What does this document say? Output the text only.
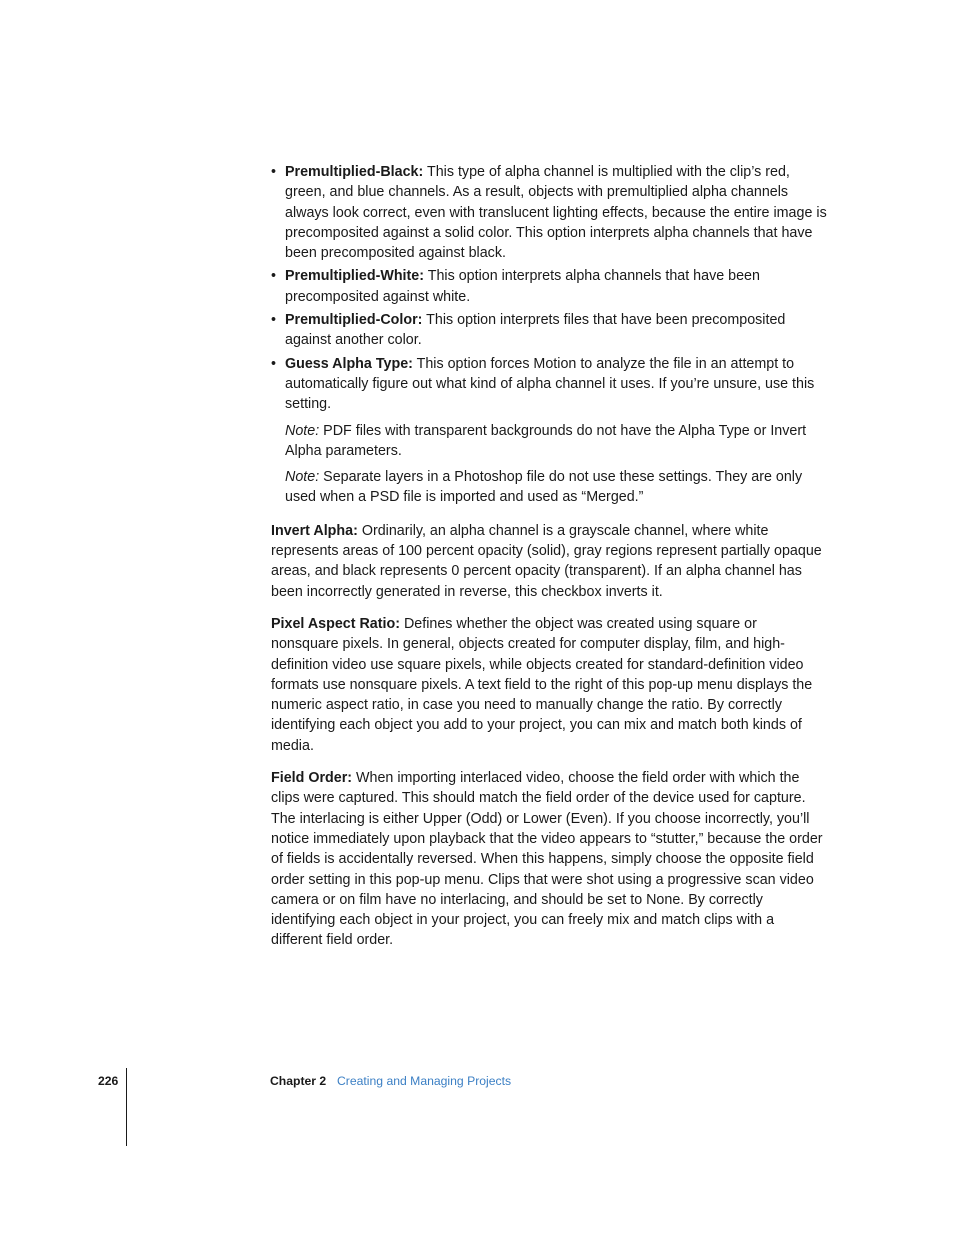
• Premultiplied-Black: This type of alpha channel is multiplied with the clip’s red, green, and blue channels. As a result, objects with premultiplied alpha channels always look correct, even with translucent lighting effects, because the entire image is precomposited against a solid color. This option interprets alpha channels that have been precomposited against black.
• Premultiplied-White: This option interprets alpha channels that have been precomposited against white.
• Premultiplied-Color: This option interprets files that have been precomposited against another color.
• Guess Alpha Type: This option forces Motion to analyze the file in an attempt to automatically figure out what kind of alpha channel it uses. If you’re unsure, use this setting.

Note: PDF files with transparent backgrounds do not have the Alpha Type or Invert Alpha parameters.

Note: Separate layers in a Photoshop file do not use these settings. They are only used when a PSD file is imported and used as “Merged.”

Invert Alpha: Ordinarily, an alpha channel is a grayscale channel, where white represents areas of 100 percent opacity (solid), gray regions represent partially opaque areas, and black represents 0 percent opacity (transparent). If an alpha channel has been incorrectly generated in reverse, this checkbox inverts it.

Pixel Aspect Ratio: Defines whether the object was created using square or nonsquare pixels. In general, objects created for computer display, film, and high-definition video use square pixels, while objects created for standard-definition video formats use nonsquare pixels. A text field to the right of this pop-up menu displays the numeric aspect ratio, in case you need to manually change the ratio. By correctly identifying each object you add to your project, you can mix and match both kinds of media.

Field Order: When importing interlaced video, choose the field order with which the clips were captured. This should match the field order of the device used for capture. The interlacing is either Upper (Odd) or Lower (Even). If you choose incorrectly, you’ll notice immediately upon playback that the video appears to “stutter,” because the order of fields is accidentally reversed. When this happens, simply choose the opposite field order setting in this pop-up menu. Clips that were shot using a progressive scan video camera or on film have no interlacing, and should be set to None. By correctly identifying each object in your project, you can freely mix and match clips with a different field order.

226	Chapter 2 Creating and Managing Projects
